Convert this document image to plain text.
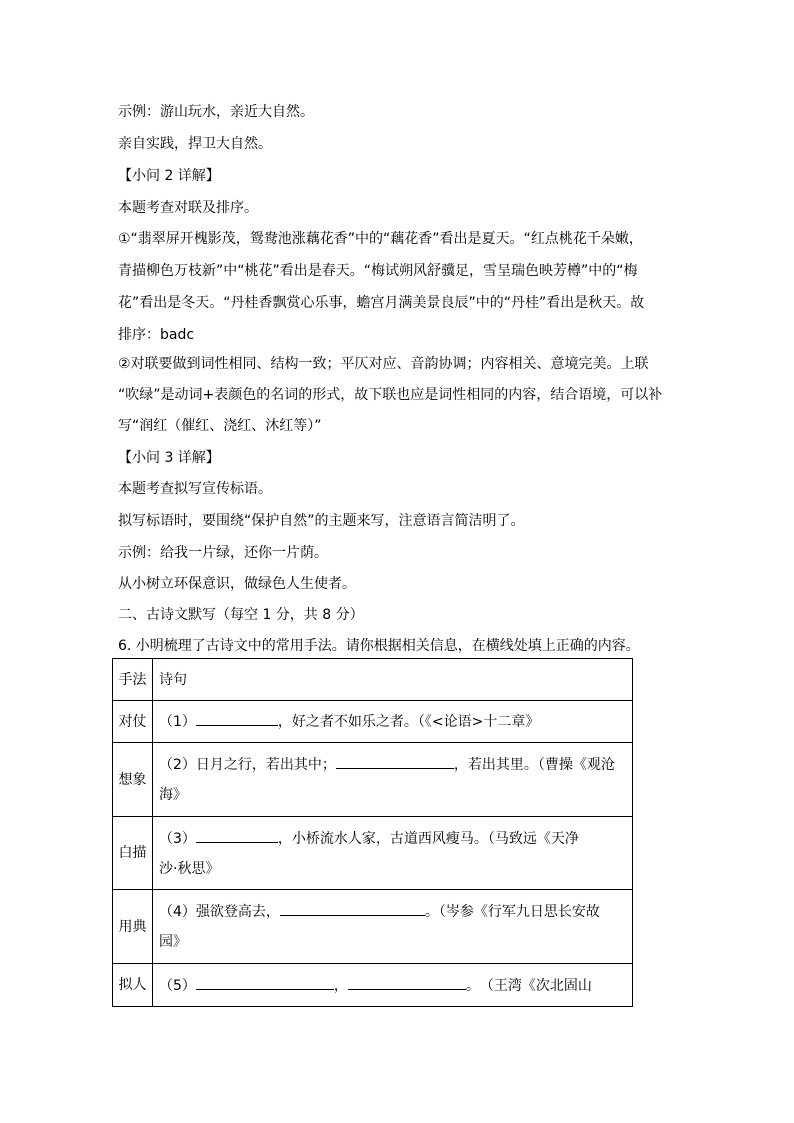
示例：游山玩水，亲近大自然。
亲自实践，捍卫大自然。
【小问 2 详解】
本题考查对联及排序。
①“翡翠屏开槐影茂，鸳鸯池涨藕花香”中的“藕花香”看出是夏天。“红点桃花千朵嫩，
青描柳色万枝新”中“桃花”看出是春天。“梅试朔风舒骥足，雪呈瑞色映芳樽”中的“梅
花”看出是冬天。“丹桂香飘赏心乐事，蟾宫月满美景良辰”中的“丹桂”看出是秋天。故
排序：badc
②对联要做到词性相同、结构一致；平仄对应、音韵协调；内容相关、意境完美。上联
“吹绿”是动词+表颜色的名词的形式，故下联也应是词性相同的内容，结合语境，可以补
写“润红（催红、浇红、沐红等）”
【小问 3 详解】
本题考查拟写宣传标语。
拟写标语时，要围绕“保护自然”的主题来写，注意语言简洁明了。
示例：给我一片绿，还你一片荫。
从小树立环保意识，做绿色人生使者。
二、古诗文默写（每空 1 分，共 8 分）
6. 小明梳理了古诗文中的常用手法。请你根据相关信息，在横线处填上正确的内容。
手法	诗句
对仗	（1） ，好之者不如乐之者。（《<论语>十二章》
想象	（2）日月之行，若出其中； ，若出其里。（曹操《观沧
海》

白描	（3） ，小桥流水人家，古道西风瘦马。（马致远《天净
沙·秋思》

用典	（4）强欲登高去， 。（岑参《行军九日思长安故
园》

拟人	（5） ， 。　（王湾《次北固山
